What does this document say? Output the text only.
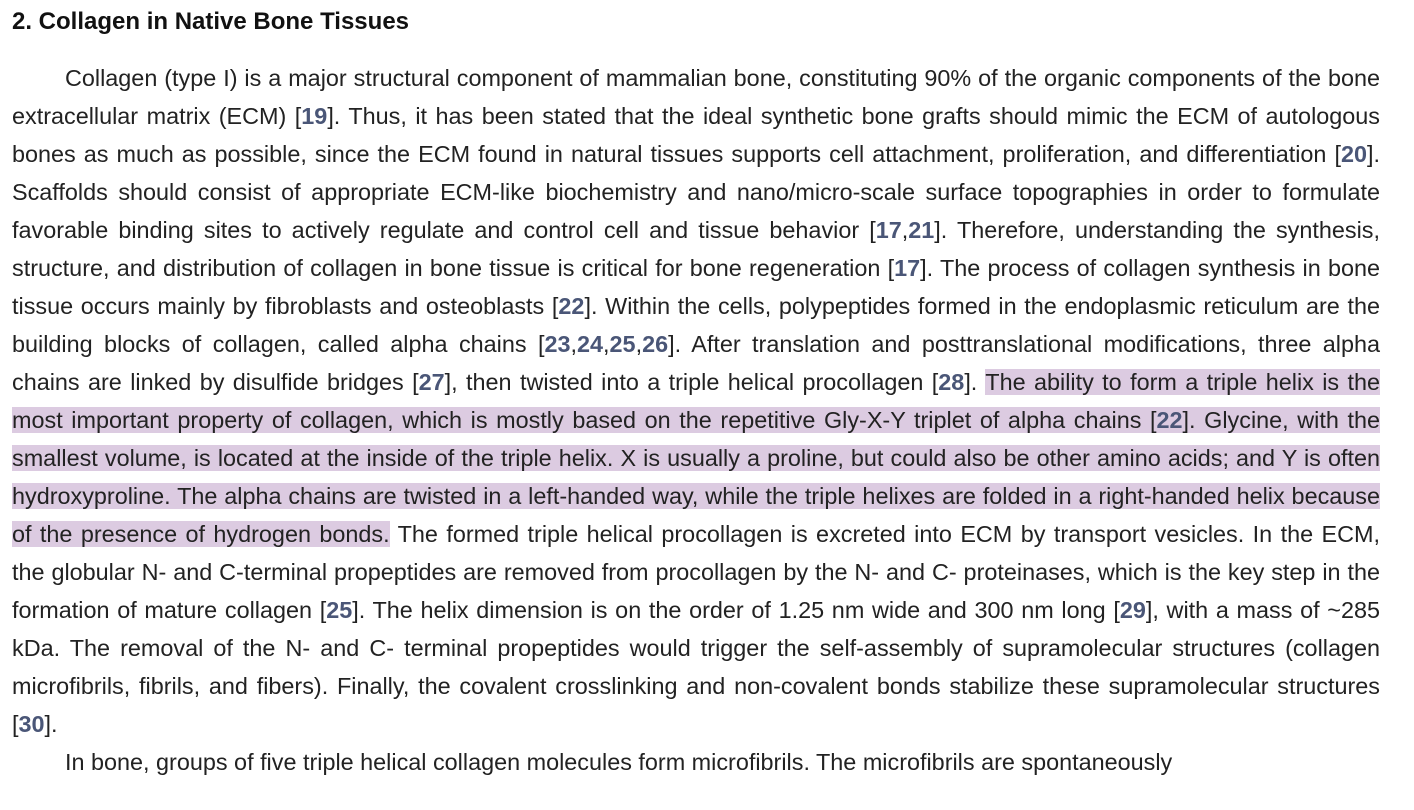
2. Collagen in Native Bone Tissues

Collagen (type I) is a major structural component of mammalian bone, constituting 90% of the organic components of the bone extracellular matrix (ECM) [19]. Thus, it has been stated that the ideal synthetic bone grafts should mimic the ECM of autologous bones as much as possible, since the ECM found in natural tissues supports cell attachment, proliferation, and differentiation [20]. Scaffolds should consist of appropriate ECM-like biochemistry and nano/micro-scale surface topographies in order to formulate favorable binding sites to actively regulate and control cell and tissue behavior [17,21]. Therefore, understanding the synthesis, structure, and distribution of collagen in bone tissue is critical for bone regeneration [17]. The process of collagen synthesis in bone tissue occurs mainly by fibroblasts and osteoblasts [22]. Within the cells, polypeptides formed in the endoplasmic reticulum are the building blocks of collagen, called alpha chains [23,24,25,26]. After translation and posttranslational modifications, three alpha chains are linked by disulfide bridges [27], then twisted into a triple helical procollagen [28]. The ability to form a triple helix is the most important property of collagen, which is mostly based on the repetitive Gly-X-Y triplet of alpha chains [22]. Glycine, with the smallest volume, is located at the inside of the triple helix. X is usually a proline, but could also be other amino acids; and Y is often hydroxyproline. The alpha chains are twisted in a left-handed way, while the triple helixes are folded in a right-handed helix because of the presence of hydrogen bonds. The formed triple helical procollagen is excreted into ECM by transport vesicles. In the ECM, the globular N- and C-terminal propeptides are removed from procollagen by the N- and C- proteinases, which is the key step in the formation of mature collagen [25]. The helix dimension is on the order of 1.25 nm wide and 300 nm long [29], with a mass of ~285 kDa. The removal of the N- and C- terminal propeptides would trigger the self-assembly of supramolecular structures (collagen microfibrils, fibrils, and fibers). Finally, the covalent crosslinking and non-covalent bonds stabilize these supramolecular structures [30].

In bone, groups of five triple helical collagen molecules form microfibrils. The microfibrils are spontaneously
